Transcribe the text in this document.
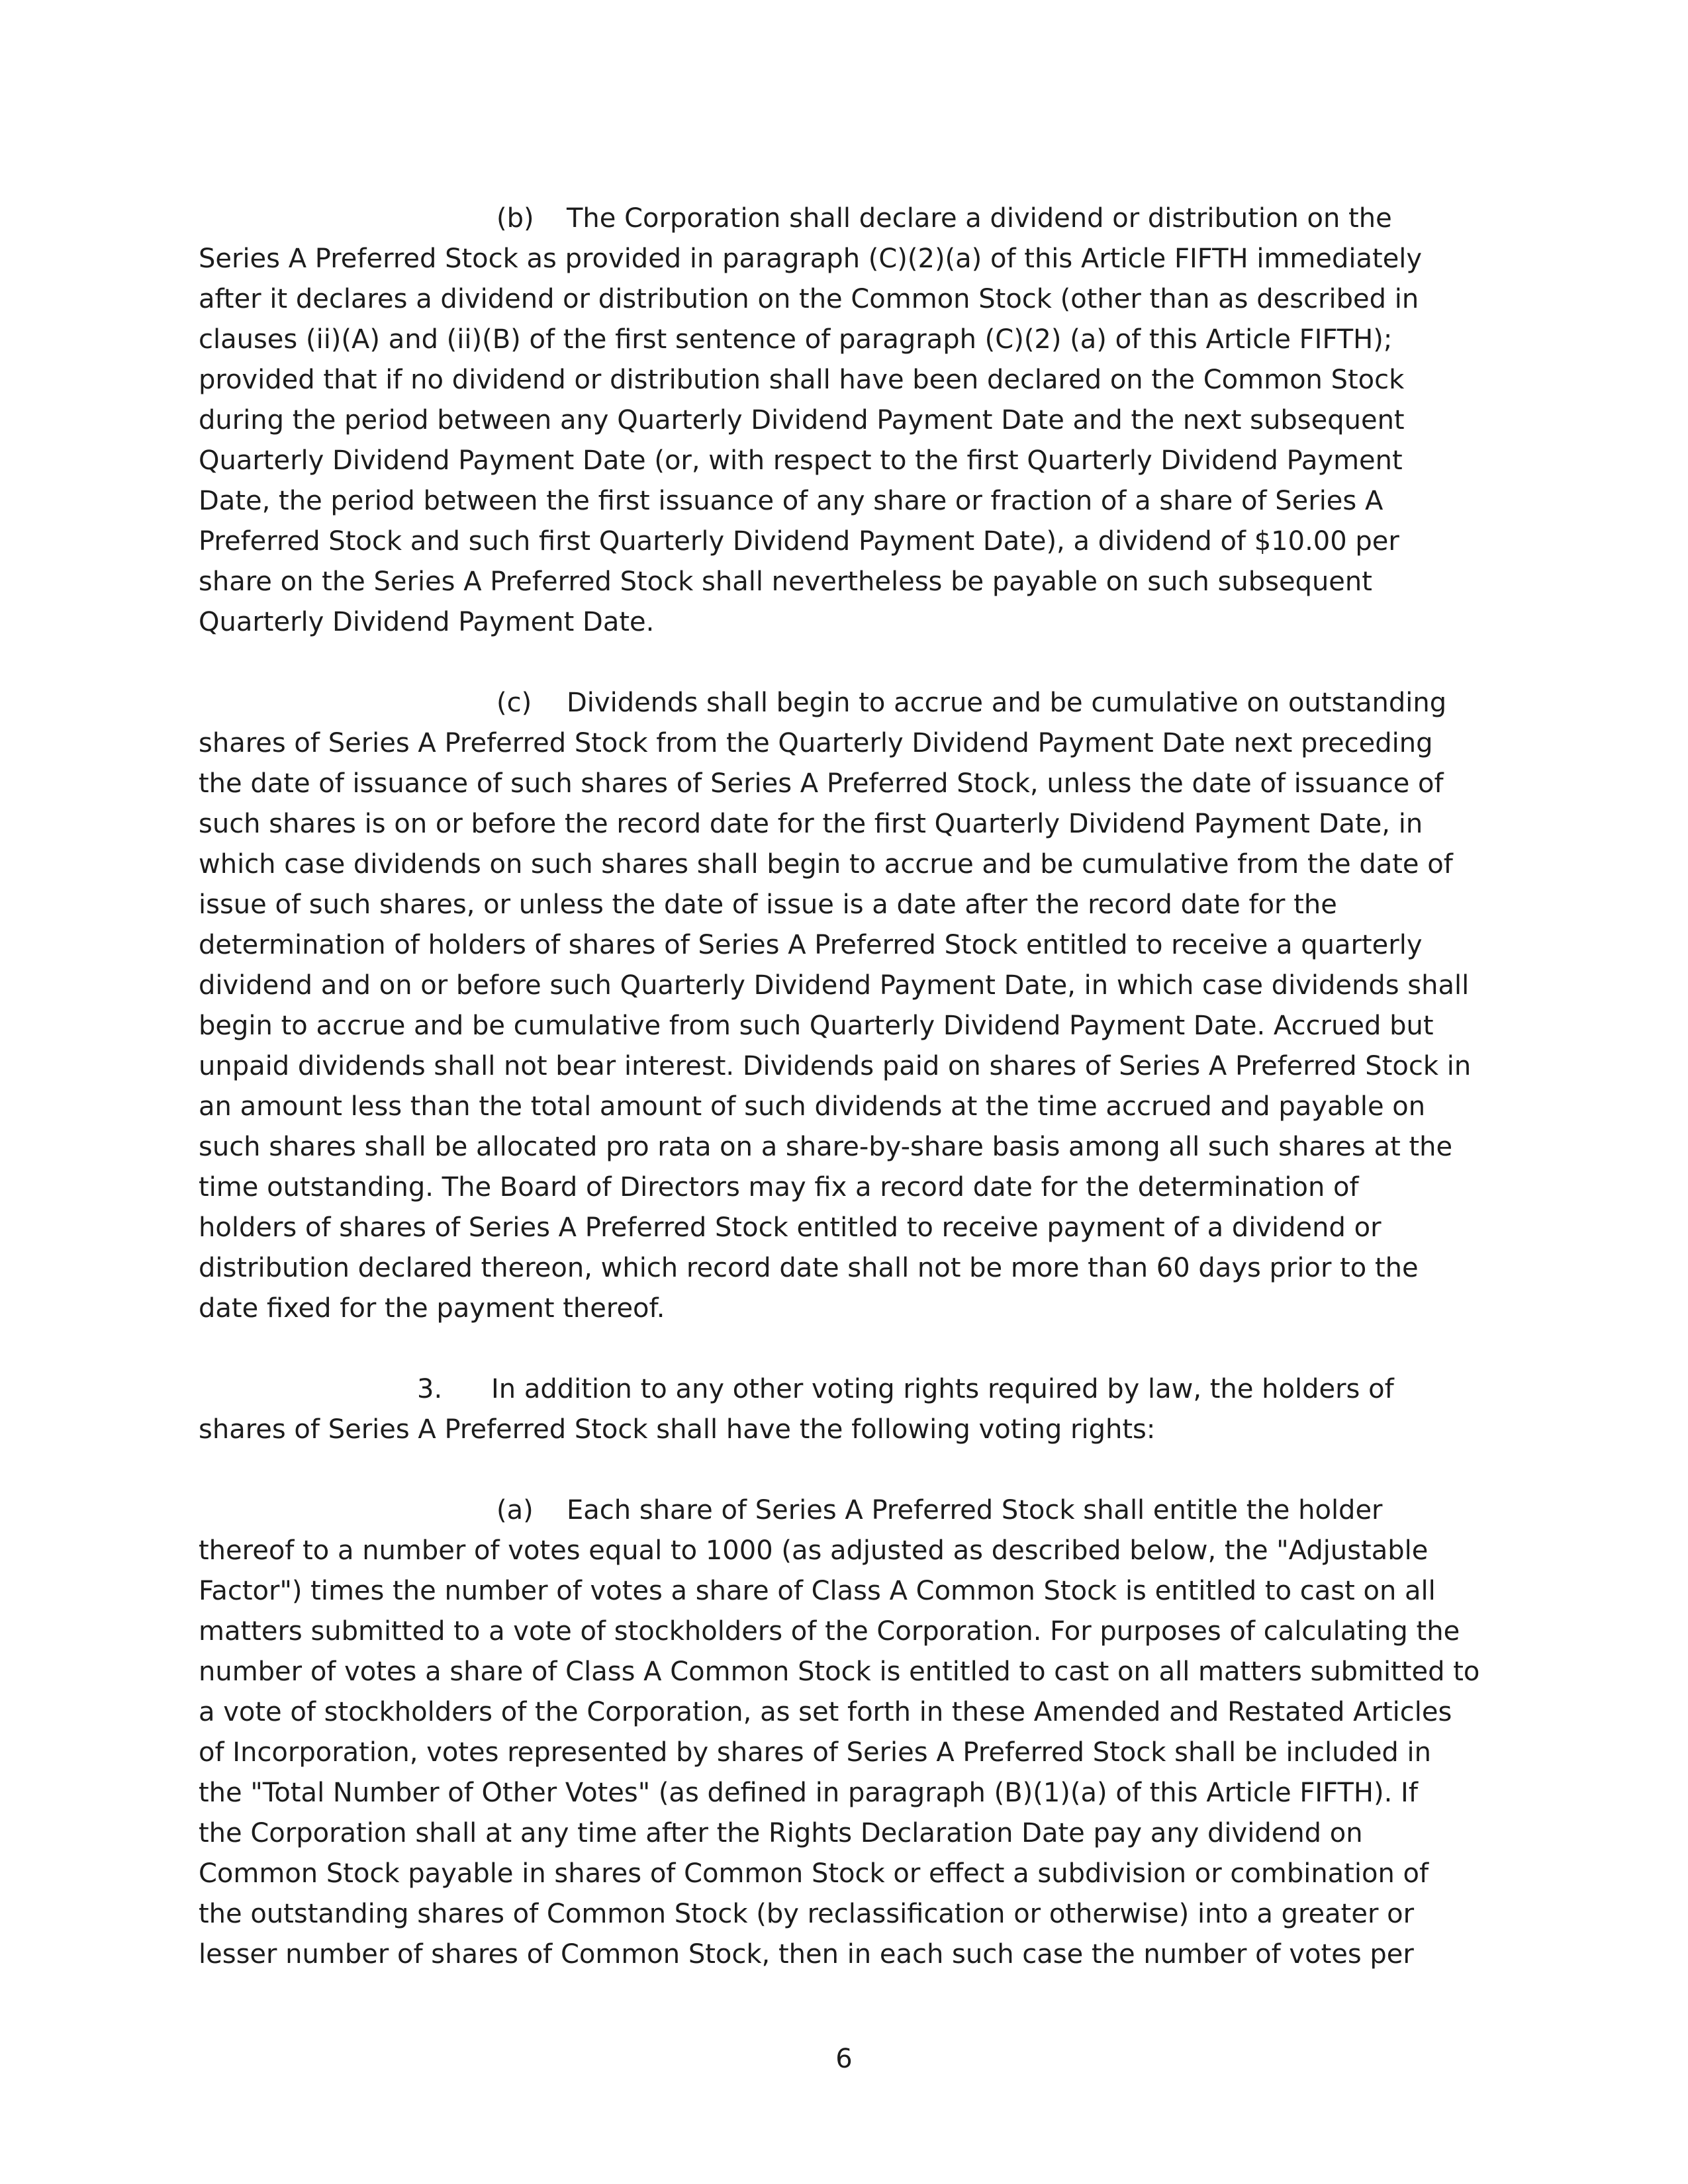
(b) The Corporation shall declare a dividend or distribution on the
Series A Preferred Stock as provided in paragraph (C)(2)(a) of this Article FIFTH immediately
after it declares a dividend or distribution on the Common Stock (other than as described in
clauses (ii)(A) and (ii)(B) of the first sentence of paragraph (C)(2) (a) of this Article FIFTH);
provided that if no dividend or distribution shall have been declared on the Common Stock
during the period between any Quarterly Dividend Payment Date and the next subsequent
Quarterly Dividend Payment Date (or, with respect to the first Quarterly Dividend Payment
Date, the period between the first issuance of any share or fraction of a share of Series A
Preferred Stock and such first Quarterly Dividend Payment Date), a dividend of $10.00 per
share on the Series A Preferred Stock shall nevertheless be payable on such subsequent
Quarterly Dividend Payment Date.
(c) Dividends shall begin to accrue and be cumulative on outstanding
shares of Series A Preferred Stock from the Quarterly Dividend Payment Date next preceding
the date of issuance of such shares of Series A Preferred Stock, unless the date of issuance of
such shares is on or before the record date for the first Quarterly Dividend Payment Date, in
which case dividends on such shares shall begin to accrue and be cumulative from the date of
issue of such shares, or unless the date of issue is a date after the record date for the
determination of holders of shares of Series A Preferred Stock entitled to receive a quarterly
dividend and on or before such Quarterly Dividend Payment Date, in which case dividends shall
begin to accrue and be cumulative from such Quarterly Dividend Payment Date. Accrued but
unpaid dividends shall not bear interest. Dividends paid on shares of Series A Preferred Stock in
an amount less than the total amount of such dividends at the time accrued and payable on
such shares shall be allocated pro rata on a share-by-share basis among all such shares at the
time outstanding. The Board of Directors may fix a record date for the determination of
holders of shares of Series A Preferred Stock entitled to receive payment of a dividend or
distribution declared thereon, which record date shall not be more than 60 days prior to the
date fixed for the payment thereof.
3. In addition to any other voting rights required by law, the holders of
shares of Series A Preferred Stock shall have the following voting rights:
(a) Each share of Series A Preferred Stock shall entitle the holder
thereof to a number of votes equal to 1000 (as adjusted as described below, the "Adjustable
Factor") times the number of votes a share of Class A Common Stock is entitled to cast on all
matters submitted to a vote of stockholders of the Corporation. For purposes of calculating the
number of votes a share of Class A Common Stock is entitled to cast on all matters submitted to
a vote of stockholders of the Corporation, as set forth in these Amended and Restated Articles
of Incorporation, votes represented by shares of Series A Preferred Stock shall be included in
the "Total Number of Other Votes" (as defined in paragraph (B)(1)(a) of this Article FIFTH). If
the Corporation shall at any time after the Rights Declaration Date pay any dividend on
Common Stock payable in shares of Common Stock or effect a subdivision or combination of
the outstanding shares of Common Stock (by reclassification or otherwise) into a greater or
lesser number of shares of Common Stock, then in each such case the number of votes per
6
